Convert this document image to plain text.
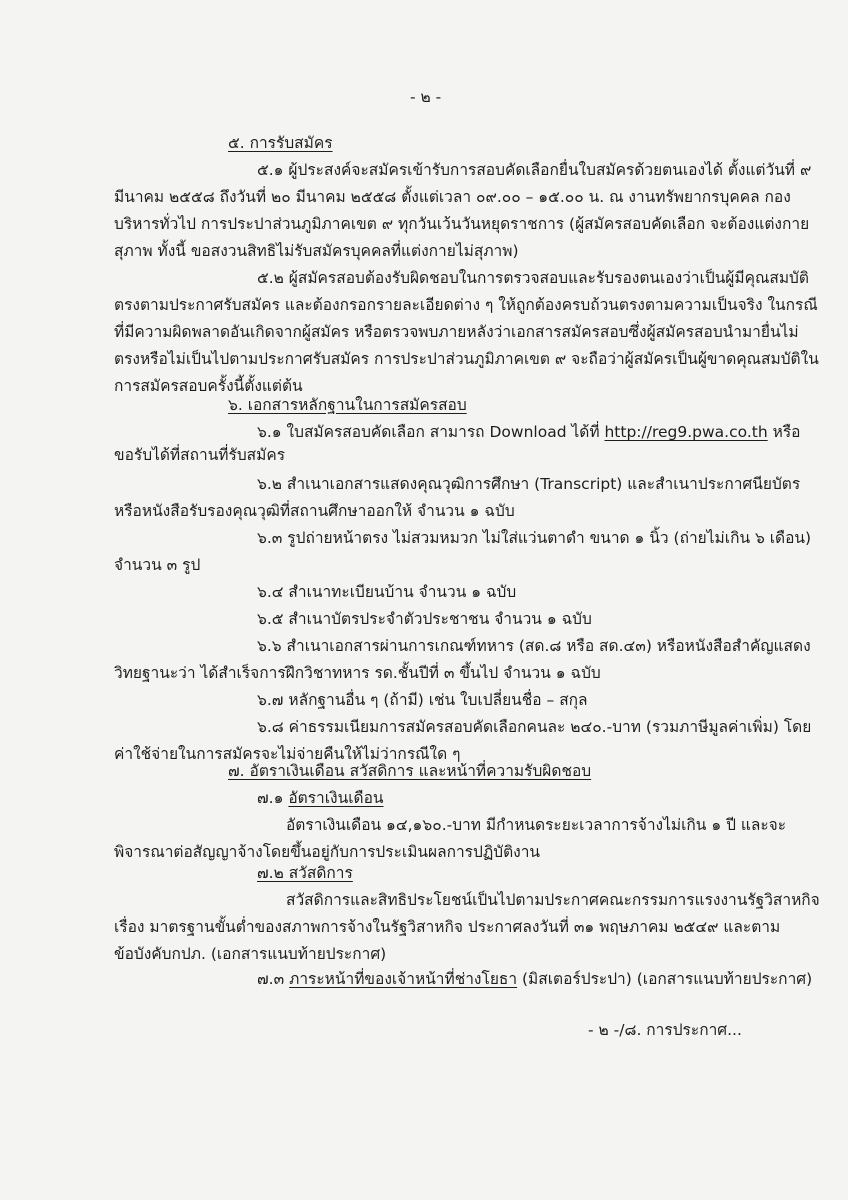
- ๒ -
๕. การรับสมัคร
๕.๑ ผู้ประสงค์จะสมัครเข้ารับการสอบคัดเลือกยื่นใบสมัครด้วยตนเองได้ ตั้งแต่วันที่ ๙
มีนาคม ๒๕๕๘ ถึงวันที่ ๒๐ มีนาคม ๒๕๕๘ ตั้งแต่เวลา ๐๙.๐๐ – ๑๕.๐๐ น. ณ งานทรัพยากรบุคคล กอง
บริหารทั่วไป การประปาส่วนภูมิภาคเขต ๙ ทุกวันเว้นวันหยุดราชการ (ผู้สมัครสอบคัดเลือก จะต้องแต่งกาย
สุภาพ ทั้งนี้ ขอสงวนสิทธิไม่รับสมัครบุคคลที่แต่งกายไม่สุภาพ)
๕.๒ ผู้สมัครสอบต้องรับผิดชอบในการตรวจสอบและรับรองตนเองว่าเป็นผู้มีคุณสมบัติ
ตรงตามประกาศรับสมัคร และต้องกรอกรายละเอียดต่าง ๆ ให้ถูกต้องครบถ้วนตรงตามความเป็นจริง ในกรณี
ที่มีความผิดพลาดอันเกิดจากผู้สมัคร หรือตรวจพบภายหลังว่าเอกสารสมัครสอบซึ่งผู้สมัครสอบนำมายื่นไม่
ตรงหรือไม่เป็นไปตามประกาศรับสมัคร การประปาส่วนภูมิภาคเขต ๙ จะถือว่าผู้สมัครเป็นผู้ขาดคุณสมบัติใน
การสมัครสอบครั้งนี้ตั้งแต่ต้น
๖. เอกสารหลักฐานในการสมัครสอบ
๖.๑ ใบสมัครสอบคัดเลือก สามารถ Download ได้ที่ http://reg9.pwa.co.th หรือ
ขอรับได้ที่สถานที่รับสมัคร
๖.๒ สำเนาเอกสารแสดงคุณวุฒิการศึกษา (Transcript) และสำเนาประกาศนียบัตร
หรือหนังสือรับรองคุณวุฒิที่สถานศึกษาออกให้ จำนวน ๑ ฉบับ
๖.๓ รูปถ่ายหน้าตรง ไม่สวมหมวก ไม่ใส่แว่นตาดำ ขนาด ๑ นิ้ว (ถ่ายไม่เกิน ๖ เดือน)
จำนวน ๓ รูป
๖.๔ สำเนาทะเบียนบ้าน จำนวน ๑ ฉบับ
๖.๕ สำเนาบัตรประจำตัวประชาชน จำนวน ๑ ฉบับ
๖.๖ สำเนาเอกสารผ่านการเกณฑ์ทหาร (สด.๘ หรือ สด.๔๓) หรือหนังสือสำคัญแสดง
วิทยฐานะว่า ได้สำเร็จการฝึกวิชาทหาร รด.ชั้นปีที่ ๓ ขึ้นไป จำนวน ๑ ฉบับ
๖.๗ หลักฐานอื่น ๆ (ถ้ามี) เช่น ใบเปลี่ยนชื่อ – สกุล
๖.๘ ค่าธรรมเนียมการสมัครสอบคัดเลือกคนละ ๒๔๐.-บาท (รวมภาษีมูลค่าเพิ่ม) โดย
ค่าใช้จ่ายในการสมัครจะไม่จ่ายคืนให้ไม่ว่ากรณีใด ๆ
๗. อัตราเงินเดือน สวัสดิการ และหน้าที่ความรับผิดชอบ
๗.๑ อัตราเงินเดือน
อัตราเงินเดือน ๑๔,๑๖๐.-บาท มีกำหนดระยะเวลาการจ้างไม่เกิน ๑ ปี และจะ
พิจารณาต่อสัญญาจ้างโดยขึ้นอยู่กับการประเมินผลการปฏิบัติงาน
๗.๒ สวัสดิการ
สวัสดิการและสิทธิประโยชน์เป็นไปตามประกาศคณะกรรมการแรงงานรัฐวิสาหกิจ
เรื่อง มาตรฐานขั้นต่ำของสภาพการจ้างในรัฐวิสาหกิจ ประกาศลงวันที่ ๓๑ พฤษภาคม ๒๕๔๙ และตาม
ข้อบังคับกปภ. (เอกสารแนบท้ายประกาศ)
๗.๓ ภาระหน้าที่ของเจ้าหน้าที่ช่างโยธา (มิสเตอร์ประปา) (เอกสารแนบท้ายประกาศ)
- ๒ -/๘. การประกาศ...
